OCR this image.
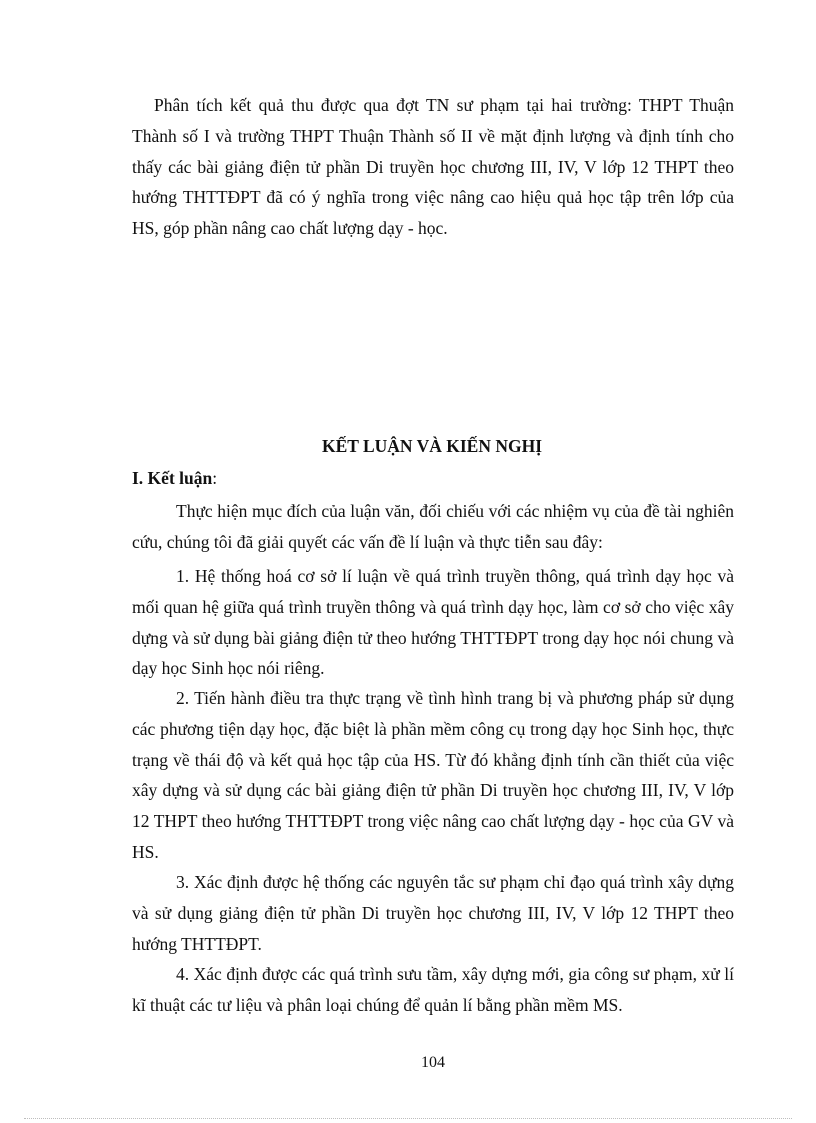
Phân tích kết quả thu được qua đợt TN sư phạm tại hai trường: THPT Thuận Thành số I và trường THPT Thuận Thành số II về mặt định lượng và định tính cho thấy các bài giảng điện tử phần Di truyền học chương III, IV, V lớp 12 THPT theo hướng THTTĐPT đã có ý nghĩa trong việc nâng cao hiệu quả học tập trên lớp của HS, góp phần nâng cao chất lượng dạy - học.

KẾT LUẬN VÀ KIẾN NGHỊ

I. Kết luận:

Thực hiện mục đích của luận văn, đối chiếu với các nhiệm vụ của đề tài nghiên cứu, chúng tôi đã giải quyết các vấn đề lí luận và thực tiễn sau đây:

1. Hệ thống hoá cơ sở lí luận về quá trình truyền thông, quá trình dạy học và mối quan hệ giữa quá trình truyền thông và quá trình dạy học, làm cơ sở cho việc xây dựng và sử dụng bài giảng điện tử theo hướng THTTĐPT trong dạy học nói chung và dạy học Sinh học nói riêng.

2. Tiến hành điều tra thực trạng về tình hình trang bị và phương pháp sử dụng các phương tiện dạy học, đặc biệt là phần mềm công cụ trong dạy học Sinh học, thực trạng về thái độ và kết quả học tập của HS. Từ đó khẳng định tính cần thiết của việc xây dựng và sử dụng các bài giảng điện tử phần Di truyền học chương III, IV, V lớp 12 THPT theo hướng THTTĐPT trong việc nâng cao chất lượng dạy - học của GV và HS.

3. Xác định được hệ thống các nguyên tắc sư phạm chỉ đạo quá trình xây dựng và sử dụng giảng điện tử phần Di truyền học chương III, IV, V lớp 12 THPT theo hướng THTTĐPT.

4. Xác định được các quá trình sưu tầm, xây dựng mới, gia công sư phạm, xử lí kĩ thuật các tư liệu và phân loại chúng để quản lí bằng phần mềm MS.

104
